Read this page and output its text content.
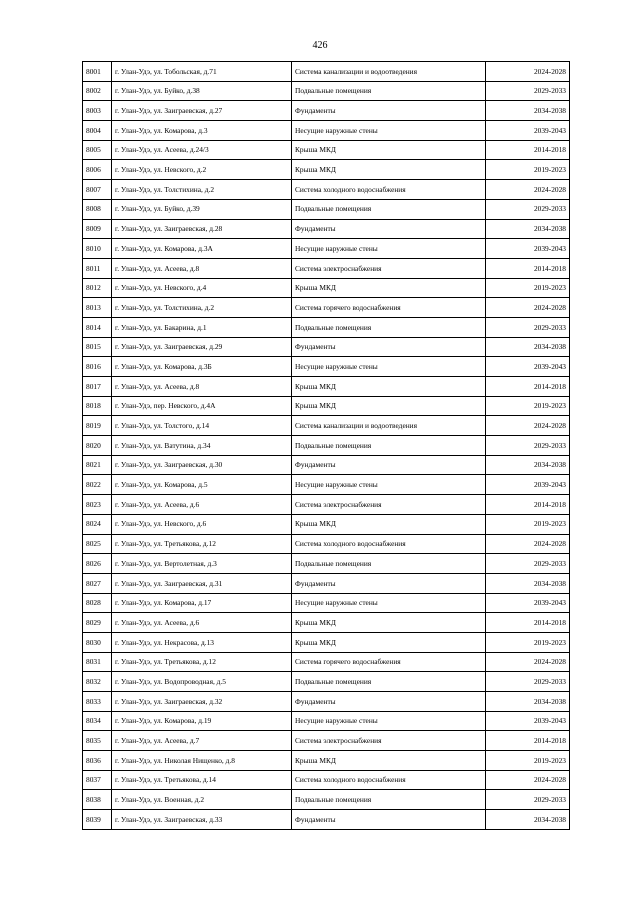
426
8001	г. Улан-Удэ, ул. Тобольская, д.71	Система канализации и водоотведения	2024-2028
8002	г. Улан-Удэ, ул. Буйко, д.38	Подвальные помещения	2029-2033
8003	г. Улан-Удэ, ул. Заиграевская, д.27	Фундаменты	2034-2038
8004	г. Улан-Удэ, ул. Комарова, д.3	Несущие наружные стены	2039-2043
8005	г. Улан-Удэ, ул. Асеева, д.24/3	Крыша МКД	2014-2018
8006	г. Улан-Удэ, ул. Невского, д.2	Крыша МКД	2019-2023
8007	г. Улан-Удэ, ул. Толстихина, д.2	Система холодного водоснабжения	2024-2028
8008	г. Улан-Удэ, ул. Буйко, д.39	Подвальные помещения	2029-2033
8009	г. Улан-Удэ, ул. Заиграевская, д.28	Фундаменты	2034-2038
8010	г. Улан-Удэ, ул. Комарова, д.3А	Несущие наружные стены	2039-2043
8011	г. Улан-Удэ, ул. Асеева, д.8	Система электроснабжения	2014-2018
8012	г. Улан-Удэ, ул. Невского, д.4	Крыша МКД	2019-2023
8013	г. Улан-Удэ, ул. Толстихина, д.2	Система горячего водоснабжения	2024-2028
8014	г. Улан-Удэ, ул. Бакарина, д.1	Подвальные помещения	2029-2033
8015	г. Улан-Удэ, ул. Заиграевская, д.29	Фундаменты	2034-2038
8016	г. Улан-Удэ, ул. Комарова, д.3Б	Несущие наружные стены	2039-2043
8017	г. Улан-Удэ, ул. Асеева, д.8	Крыша МКД	2014-2018
8018	г. Улан-Удэ, пер. Невского, д.4А	Крыша МКД	2019-2023
8019	г. Улан-Удэ, ул. Толстого, д.14	Система канализации и водоотведения	2024-2028
8020	г. Улан-Удэ, ул. Ватутина, д.34	Подвальные помещения	2029-2033
8021	г. Улан-Удэ, ул. Заиграевская, д.30	Фундаменты	2034-2038
8022	г. Улан-Удэ, ул. Комарова, д.5	Несущие наружные стены	2039-2043
8023	г. Улан-Удэ, ул. Асеева, д.6	Система электроснабжения	2014-2018
8024	г. Улан-Удэ, ул. Невского, д.6	Крыша МКД	2019-2023
8025	г. Улан-Удэ, ул. Третьякова, д.12	Система холодного водоснабжения	2024-2028
8026	г. Улан-Удэ, ул. Вертолетная, д.3	Подвальные помещения	2029-2033
8027	г. Улан-Удэ, ул. Заиграевская, д.31	Фундаменты	2034-2038
8028	г. Улан-Удэ, ул. Комарова, д.17	Несущие наружные стены	2039-2043
8029	г. Улан-Удэ, ул. Асеева, д.6	Крыша МКД	2014-2018
8030	г. Улан-Удэ, ул. Некрасова, д.13	Крыша МКД	2019-2023
8031	г. Улан-Удэ, ул. Третьякова, д.12	Система горячего водоснабжения	2024-2028
8032	г. Улан-Удэ, ул. Водопроводная, д.5	Подвальные помещения	2029-2033
8033	г. Улан-Удэ, ул. Заиграевская, д.32	Фундаменты	2034-2038
8034	г. Улан-Удэ, ул. Комарова, д.19	Несущие наружные стены	2039-2043
8035	г. Улан-Удэ, ул. Асеева, д.7	Система электроснабжения	2014-2018
8036	г. Улан-Удэ, ул. Николая Нищенко, д.8	Крыша МКД	2019-2023
8037	г. Улан-Удэ, ул. Третьякова, д.14	Система холодного водоснабжения	2024-2028
8038	г. Улан-Удэ, ул. Военная, д.2	Подвальные помещения	2029-2033
8039	г. Улан-Удэ, ул. Заиграевская, д.33	Фундаменты	2034-2038
